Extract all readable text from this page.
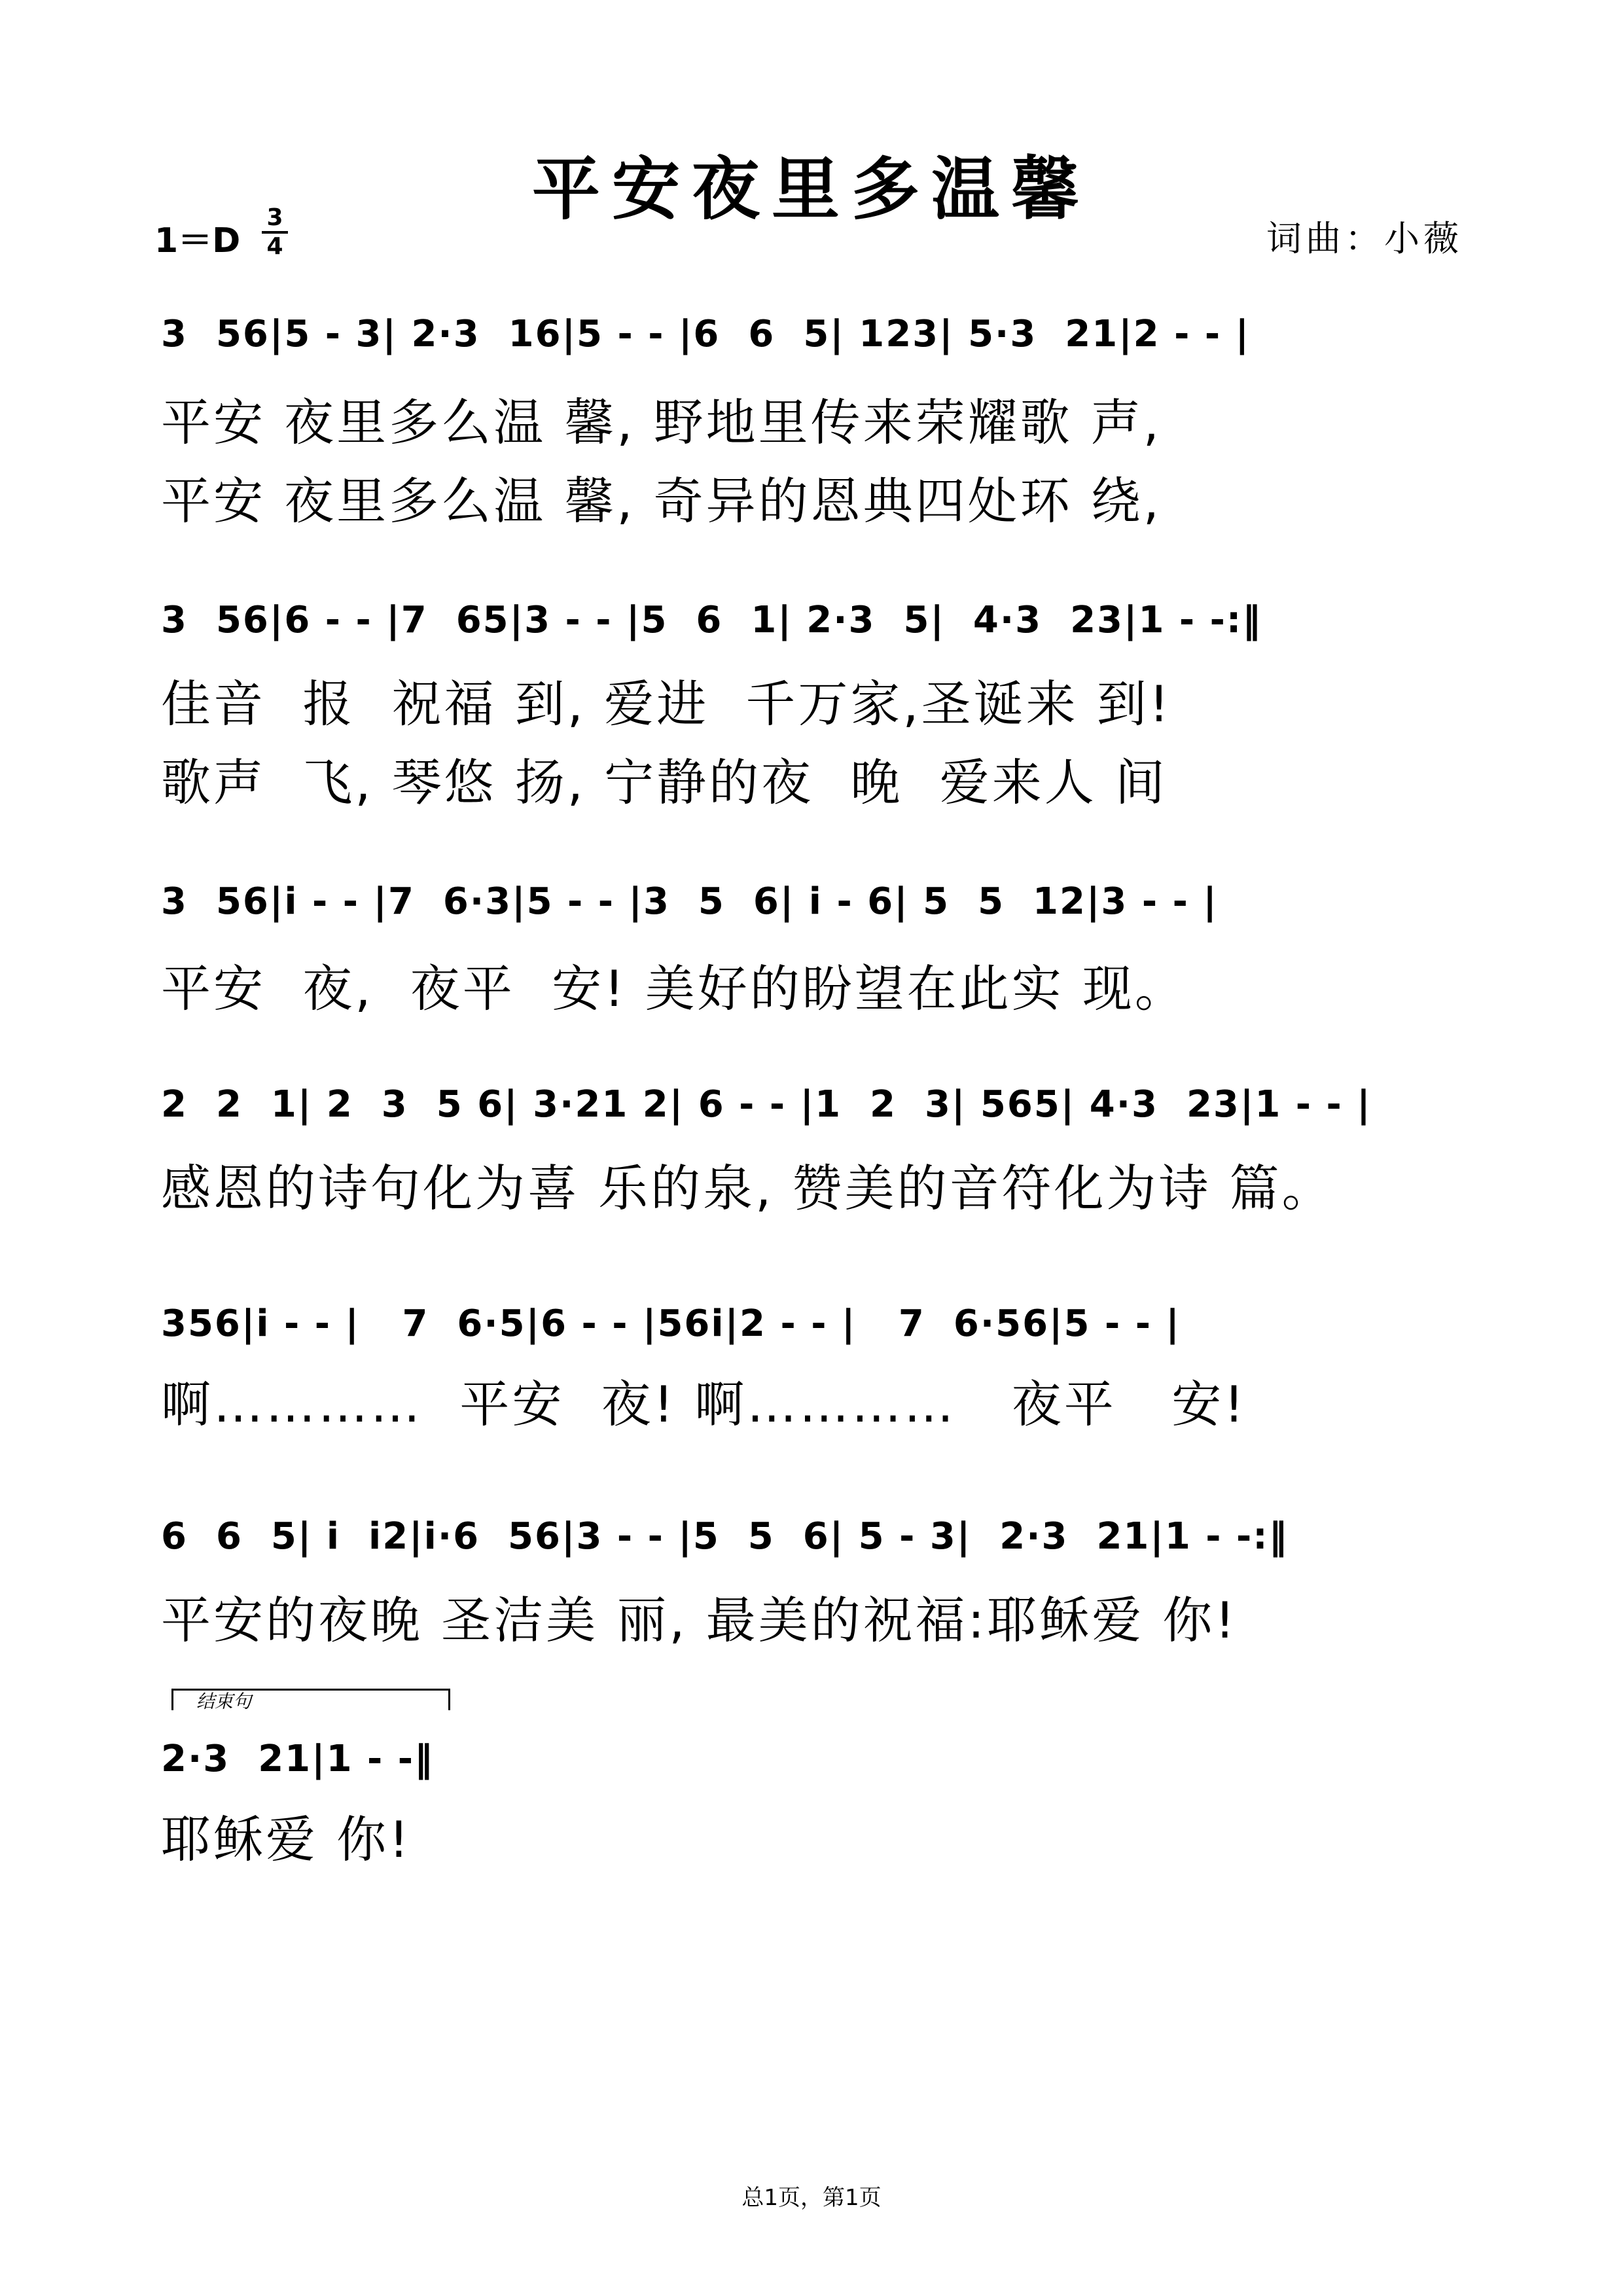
平安夜里多温馨
1＝D
3
4	词曲：小薇
3  56|5 - 3| 2·3  16|5 - - |6  6  5| 123| 5·3  21|2 - - |
平安 夜里多么温 馨, 野地里传来荣耀歌 声,
平安 夜里多么温 馨, 奇异的恩典四处环 绕,
3  56|6 - - |7  65|3 - - |5  6  1| 2·3  5|  4·3  23|1 - -:‖
佳音  报  祝福 到, 爱进  千万家,圣诞来 到!
歌声  飞, 琴悠 扬, 宁静的夜  晚  爱来人 间
3  56|i - - |7  6·3|5 - - |3  5  6| i - 6| 5  5  12|3 - - |
平安  夜,  夜平  安! 美好的盼望在此实 现。
2  2  1| 2  3  5 6| 3·21 2| 6 - - |1  2  3| 565| 4·3  23|1 - - |
感恩的诗句化为喜 乐的泉, 赞美的音符化为诗 篇。
356|i - - |   7  6·5|6 - - |56i|2 - - |   7  6·56|5 - - |
啊…………  平安  夜! 啊…………   夜平   安!
6  6  5| i  i2|i·6  56|3 - - |5  5  6| 5 - 3|  2·3  21|1 - -:‖
平安的夜晚 圣洁美 丽, 最美的祝福:耶稣爱 你!
结束句
2·3  21|1 - -‖
耶稣爱 你!
总1页，第1页
